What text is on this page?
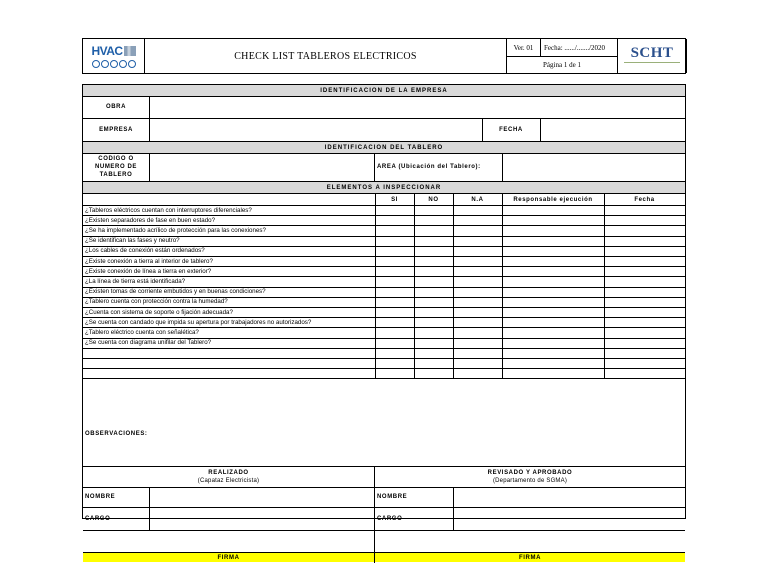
HVAC	CHECK LIST TABLEROS ELECTRICOS
Ver. 01	Fecha: ....../......./2020
Página 1 de 1
SCHT
IDENTIFICACION DE LA EMPRESA
OBRA
EMPRESA	FECHA
IDENTIFICACION DEL TABLERO
CODIGO O
NUMERO DE
TABLERO
AREA (Ubicación del Tablero):
ELEMENTOS A INSPECCIONAR
SI	NO	N.A	Responsable ejecución	Fecha
¿Tableros eléctricos cuentan con interruptores diferenciales?
¿Existen separadores de fase en buen estado?
¿Se ha implementado acrílico de protección para las conexiones?
¿Se identifican las fases y neutro?
¿Los cables de conexión están ordenados?
¿Existe conexión a tierra al interior de tablero?
¿Existe conexión de línea a tierra en exterior?
¿La línea de tierra está identificada?
¿Existen tomas de corriente embutidos y en buenas condiciones?
¿Tablero cuenta con protección contra la humedad?
¿Cuenta con sistema de soporte o fijación adecuada?
¿Se cuenta con candado que impida su apertura por trabajadores no autorizados?
¿Tablero eléctrico cuenta con señalética?
¿Se cuenta con diagrama unifilar del Tablero?
OBSERVACIONES:
REALIZADO
(Capataz Electricista)
REVISADO Y APROBADO
(Departamento de SGMA)
NOMBRE	NOMBRE
CARGO	CARGO
FIRMA	FIRMA
